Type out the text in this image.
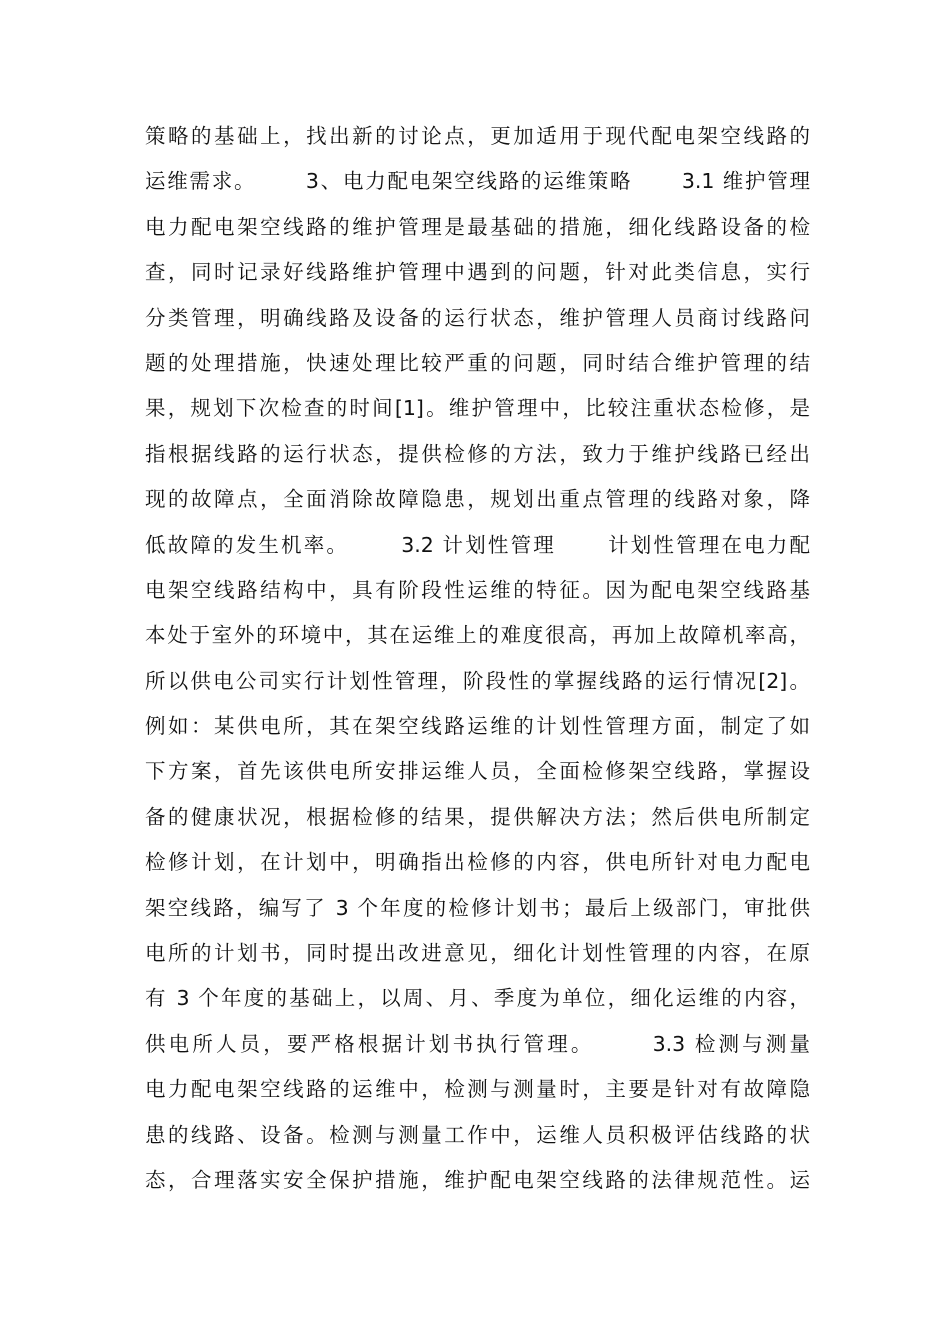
策略的基础上，找出新的讨论点，更加适用于现代配电架空线路的
运维需求。      3、电力配电架空线路的运维策略      3.1 维护管理
电力配电架空线路的维护管理是最基础的措施，细化线路设备的检
查，同时记录好线路维护管理中遇到的问题，针对此类信息，实行
分类管理，明确线路及设备的运行状态，维护管理人员商讨线路问
题的处理措施，快速处理比较严重的问题，同时结合维护管理的结
果，规划下次检查的时间[1]。维护管理中，比较注重状态检修，是
指根据线路的运行状态，提供检修的方法，致力于维护线路已经出
现的故障点，全面消除故障隐患，规划出重点管理的线路对象，降
低故障的发生机率。      3.2 计划性管理      计划性管理在电力配
电架空线路结构中，具有阶段性运维的特征。因为配电架空线路基
本处于室外的环境中，其在运维上的难度很高，再加上故障机率高，
所以供电公司实行计划性管理，阶段性的掌握线路的运行情况[2]。
例如：某供电所，其在架空线路运维的计划性管理方面，制定了如
下方案，首先该供电所安排运维人员，全面检修架空线路，掌握设
备的健康状况，根据检修的结果，提供解决方法；然后供电所制定
检修计划，在计划中，明确指出检修的内容，供电所针对电力配电
架空线路，编写了 3 个年度的检修计划书；最后上级部门，审批供
电所的计划书，同时提出改进意见，细化计划性管理的内容，在原
有 3 个年度的基础上，以周、月、季度为单位，细化运维的内容，
供电所人员，要严格根据计划书执行管理。      3.3 检测与测量
电力配电架空线路的运维中，检测与测量时，主要是针对有故障隐
患的线路、设备。检测与测量工作中，运维人员积极评估线路的状
态，合理落实安全保护措施，维护配电架空线路的法律规范性。运
